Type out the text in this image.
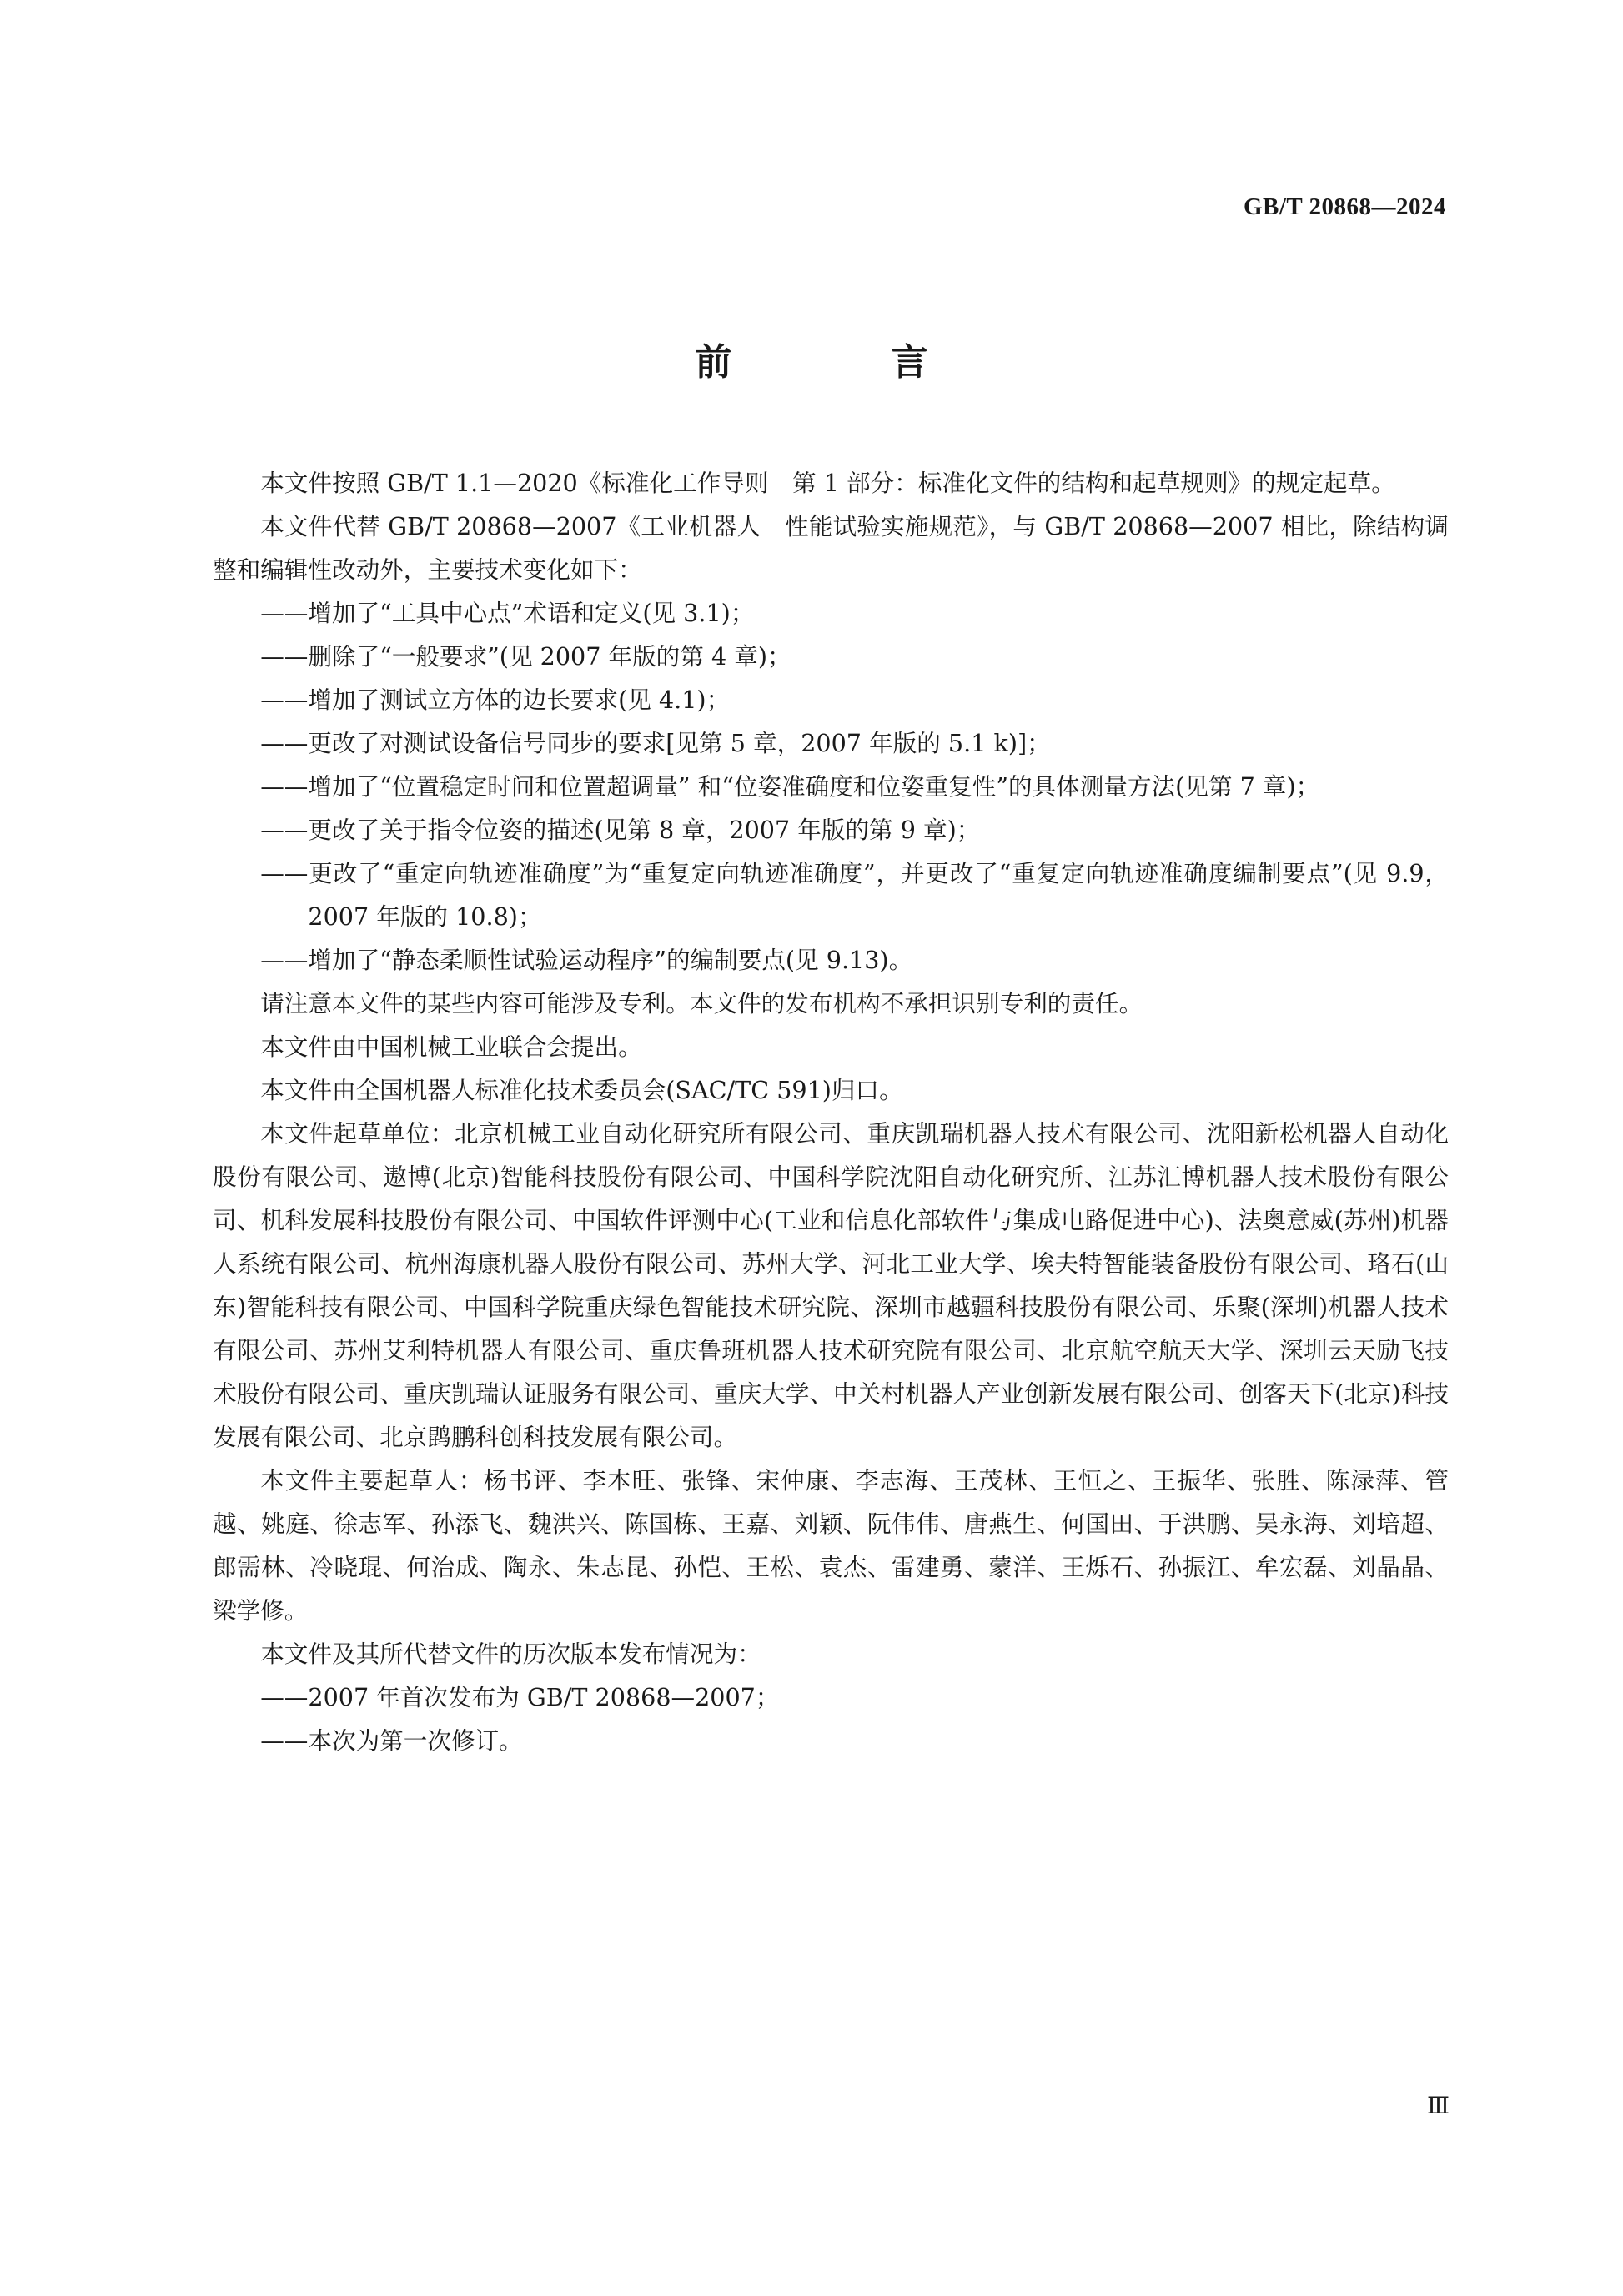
GB/T 20868—2024
前 言

本文件按照 GB/T 1.1—2020《标准化工作导则　第 1 部分：标准化文件的结构和起草规则》的规定起草。

本文件代替 GB/T 20868—2007《工业机器人　性能试验实施规范》，与 GB/T 20868—2007 相比，除结构调整和编辑性改动外，主要技术变化如下：

——增加了“工具中心点”术语和定义(见 3.1)；

——删除了“一般要求”(见 2007 年版的第 4 章)；

——增加了测试立方体的边长要求(见 4.1)；

——更改了对测试设备信号同步的要求[见第 5 章，2007 年版的 5.1 k)]；

——增加了“位置稳定时间和位置超调量” 和“位姿准确度和位姿重复性”的具体测量方法(见第 7 章)；

——更改了关于指令位姿的描述(见第 8 章，2007 年版的第 9 章)；

——更改了“重定向轨迹准确度”为“重复定向轨迹准确度”，并更改了“重复定向轨迹准确度编制要点”(见 9.9，2007 年版的 10.8)；

——增加了“静态柔顺性试验运动程序”的编制要点(见 9.13)。

请注意本文件的某些内容可能涉及专利。本文件的发布机构不承担识别专利的责任。

本文件由中国机械工业联合会提出。

本文件由全国机器人标准化技术委员会(SAC/TC 591)归口。

本文件起草单位：北京机械工业自动化研究所有限公司、重庆凯瑞机器人技术有限公司、沈阳新松机器人自动化股份有限公司、遨博(北京)智能科技股份有限公司、中国科学院沈阳自动化研究所、江苏汇博机器人技术股份有限公司、机科发展科技股份有限公司、中国软件评测中心(工业和信息化部软件与集成电路促进中心)、法奥意威(苏州)机器人系统有限公司、杭州海康机器人股份有限公司、苏州大学、河北工业大学、埃夫特智能装备股份有限公司、珞石(山东)智能科技有限公司、中国科学院重庆绿色智能技术研究院、深圳市越疆科技股份有限公司、乐聚(深圳)机器人技术有限公司、苏州艾利特机器人有限公司、重庆鲁班机器人技术研究院有限公司、北京航空航天大学、深圳云天励飞技术股份有限公司、重庆凯瑞认证服务有限公司、重庆大学、中关村机器人产业创新发展有限公司、创客天下(北京)科技发展有限公司、北京鹍鹏科创科技发展有限公司。

本文件主要起草人：杨书评、李本旺、张锋、宋仲康、李志海、王茂林、王恒之、王振华、张胜、陈渌萍、管越、姚庭、徐志军、孙添飞、魏洪兴、陈国栋、王嘉、刘颖、阮伟伟、唐燕生、何国田、于洪鹏、吴永海、刘培超、郎需林、冷晓琨、何治成、陶永、朱志昆、孙恺、王松、袁杰、雷建勇、蒙洋、王烁石、孙振江、牟宏磊、刘晶晶、梁学修。

本文件及其所代替文件的历次版本发布情况为：

——2007 年首次发布为 GB/T 20868—2007；

——本次为第一次修订。

Ⅲ
